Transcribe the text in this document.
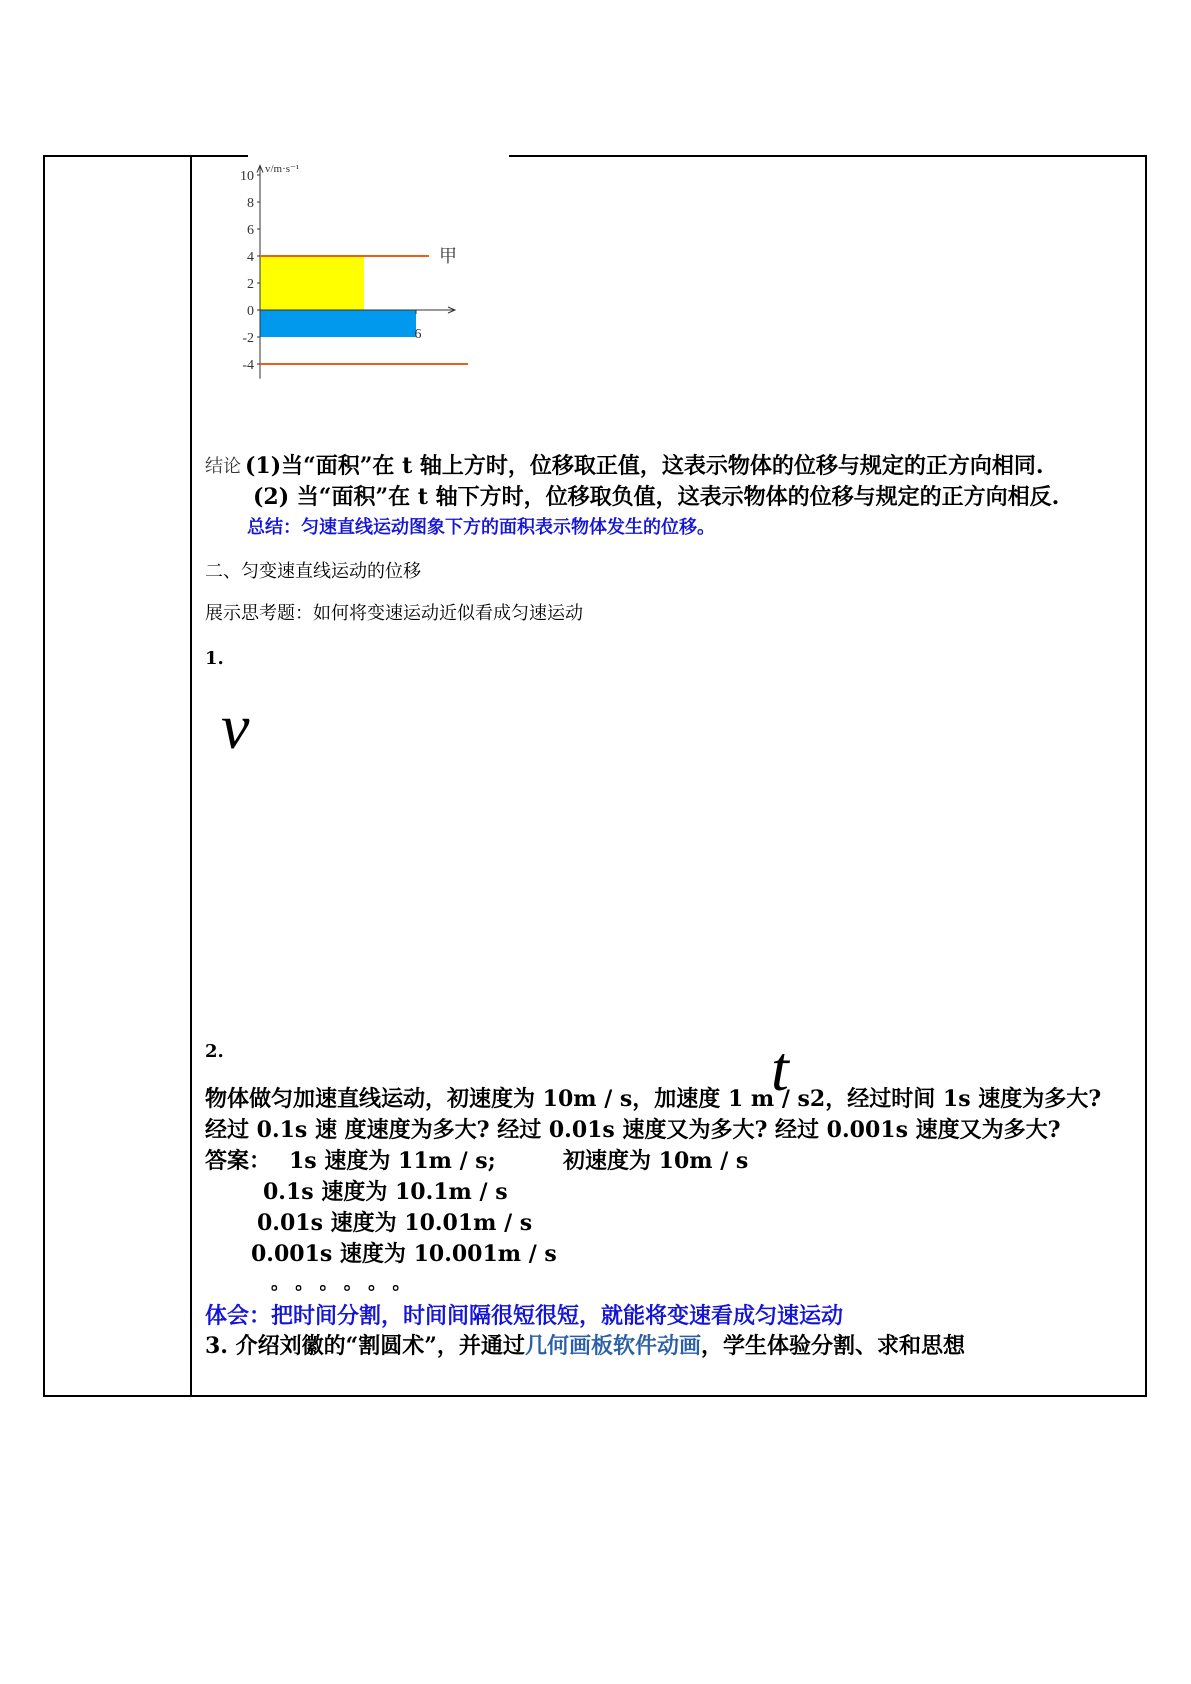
10
8
6
4
2
0
-2
-4
6
v/m·s⁻¹
甲
结论 (1)当“面积”在 t 轴上方时，位移取正值，这表示物体的位移与规定的正方向相同.
(2) 当“面积”在 t 轴下方时，位移取负值，这表示物体的位移与规定的正方向相反.
总结：匀速直线运动图象下方的面积表示物体发生的位移。
二、匀变速直线运动的位移
展示思考题：如何将变速运动近似看成匀速运动
1.
v
2.	t
物体做匀加速直线运动，初速度为 10m / s，加速度 1 m / s2，经过时间 1s 速度为多大?
经过 0.1s 速 度速度为多大? 经过 0.01s 速度又为多大? 经过 0.001s 速度又为多大?
答案： 1s 速度为 11m / s;	初速度为 10m / s
0.1s 速度为 10.1m / s
0.01s 速度为 10.01m / s
0.001s 速度为 10.001m / s
。 。 。 。 。 。
体会：把时间分割，时间间隔很短很短，就能将变速看成匀速运动
3. 介绍刘徽的“割圆术”，并通过几何画板软件动画，学生体验分割、求和思想
